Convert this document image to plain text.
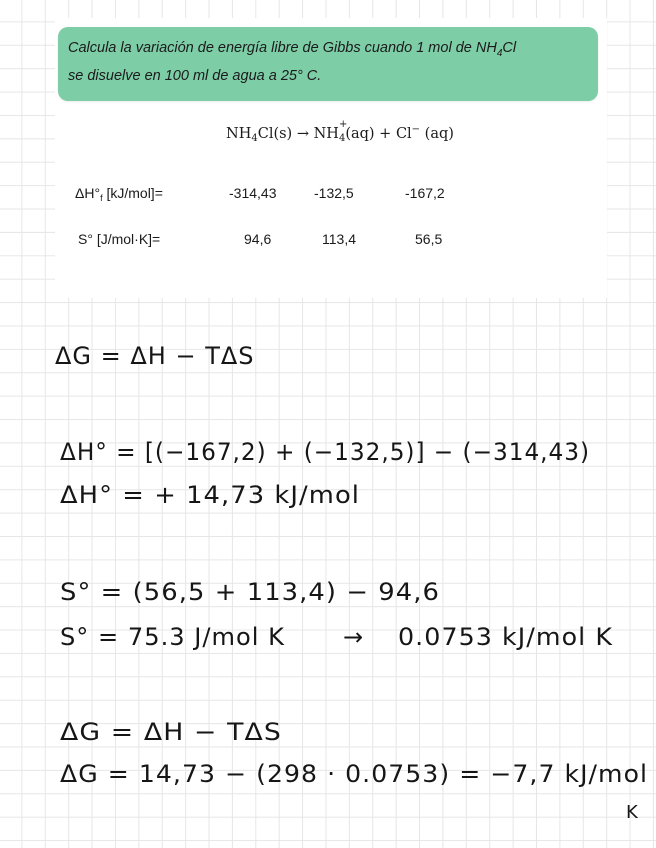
Calcula la variación de energía libre de Gibbs cuando 1 mol de $NH_4Cl$
se disuelve en 100 ml de agua a 25° C.
$NH_4Cl(s)$ → NH
+
$_4$(aq) + Cl− (aq)
$\Delta H^\circ_f$ [kJ/mol]=	-314,43	-132,5	-167,2
S° [J/mol·K]=	94,6	113,4	56,5
ΔG = ΔH − TΔS
ΔH° = [(−167,2) + (−132,5)] − (−314,43)
ΔH° = + 14,73 kJ/mol
S° = (56,5 + 113,4) − 94,6
S° = 75.3 J/mol K → 0.0753 kJ/mol K
ΔG = ΔH − TΔS
ΔG = 14,73 − (298 · 0.0753) = −7,7 kJ/mol
K
